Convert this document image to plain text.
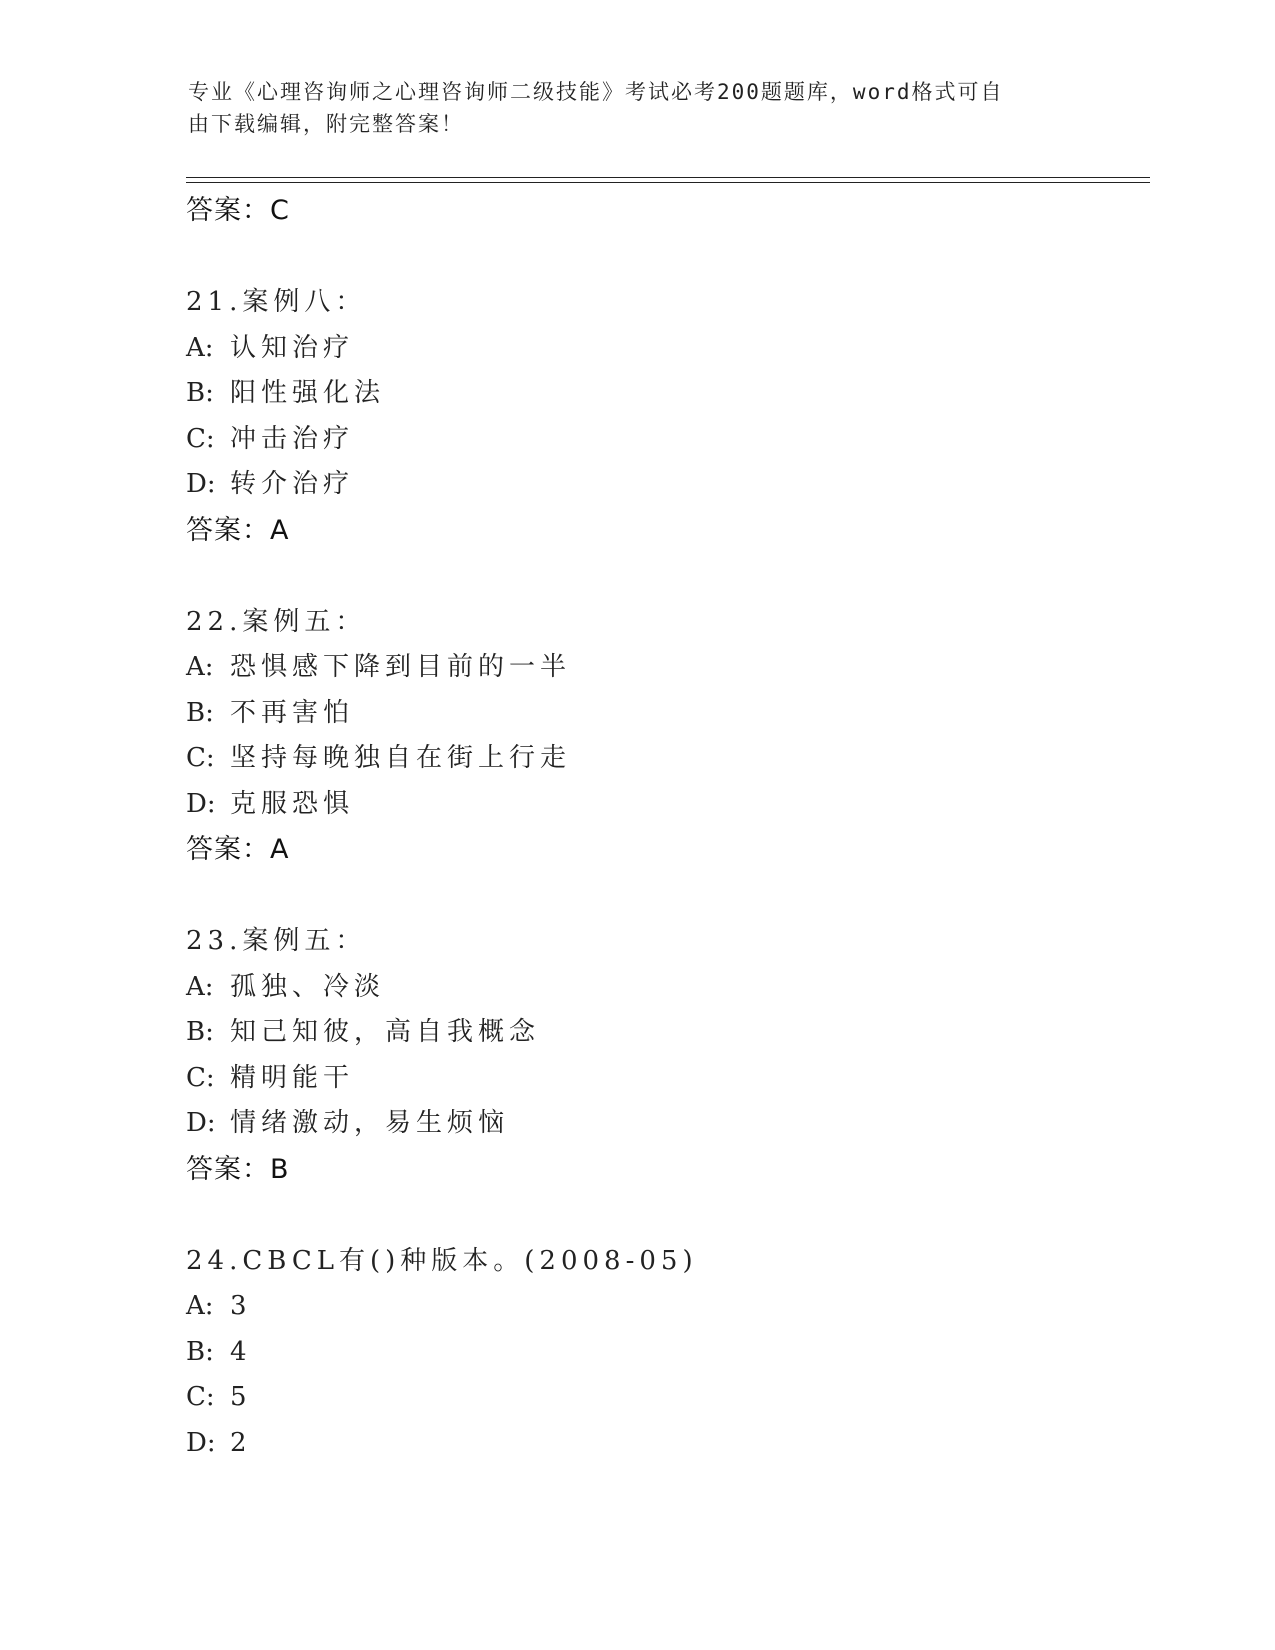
专业《心理咨询师之心理咨询师二级技能》考试必考200题题库，word格式可自
由下载编辑，附完整答案！
答案：C
21.案例八：
A: 认知治疗
B: 阳性强化法
C: 冲击治疗
D: 转介治疗
答案：A
22.案例五：
A: 恐惧感下降到目前的一半
B: 不再害怕
C: 坚持每晚独自在街上行走
D: 克服恐惧
答案：A
23.案例五：
A: 孤独、冷淡
B: 知己知彼，高自我概念
C: 精明能干
D: 情绪激动，易生烦恼
答案：B
24.CBCL有()种版本。(2008-05)
A: 3
B: 4
C: 5
D: 2
